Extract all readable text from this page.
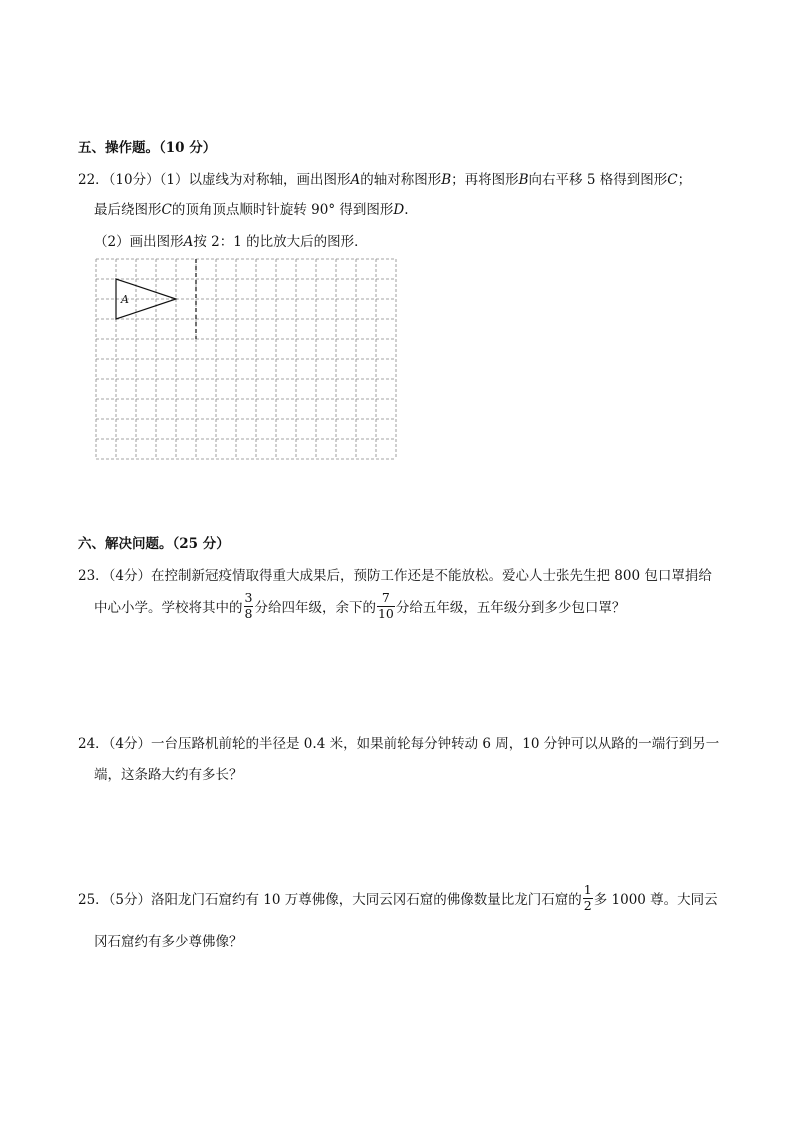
五、操作题。（10 分）
22．（10分）（1）以虚线为对称轴，画出图形A的轴对称图形B；再将图形B向右平移 5 格得到图形C；
最后绕图形C的顶角顶点顺时针旋转 90° 得到图形D.
（2）画出图形A按 2：1 的比放大后的图形．
A
六、解决问题。（25 分）
23．（4分）在控制新冠疫情取得重大成果后，预防工作还是不能放松。爱心人士张先生把 800 包口罩捐给
中心小学。学校将其中的 $\frac{3}{8}$ 分给四年级，余下的 $\frac{7}{10}$ 分给五年级，五年级分到多少包口罩？
24．（4分）一台压路机前轮的半径是 0.4 米，如果前轮每分钟转动 6 周，10 分钟可以从路的一端行到另一
端，这条路大约有多长？
25．（5分）洛阳龙门石窟约有 10 万尊佛像，大同云冈石窟的佛像数量比龙门石窟的 $\frac{1}{2}$ 多 1000 尊。大同云
冈石窟约有多少尊佛像？
